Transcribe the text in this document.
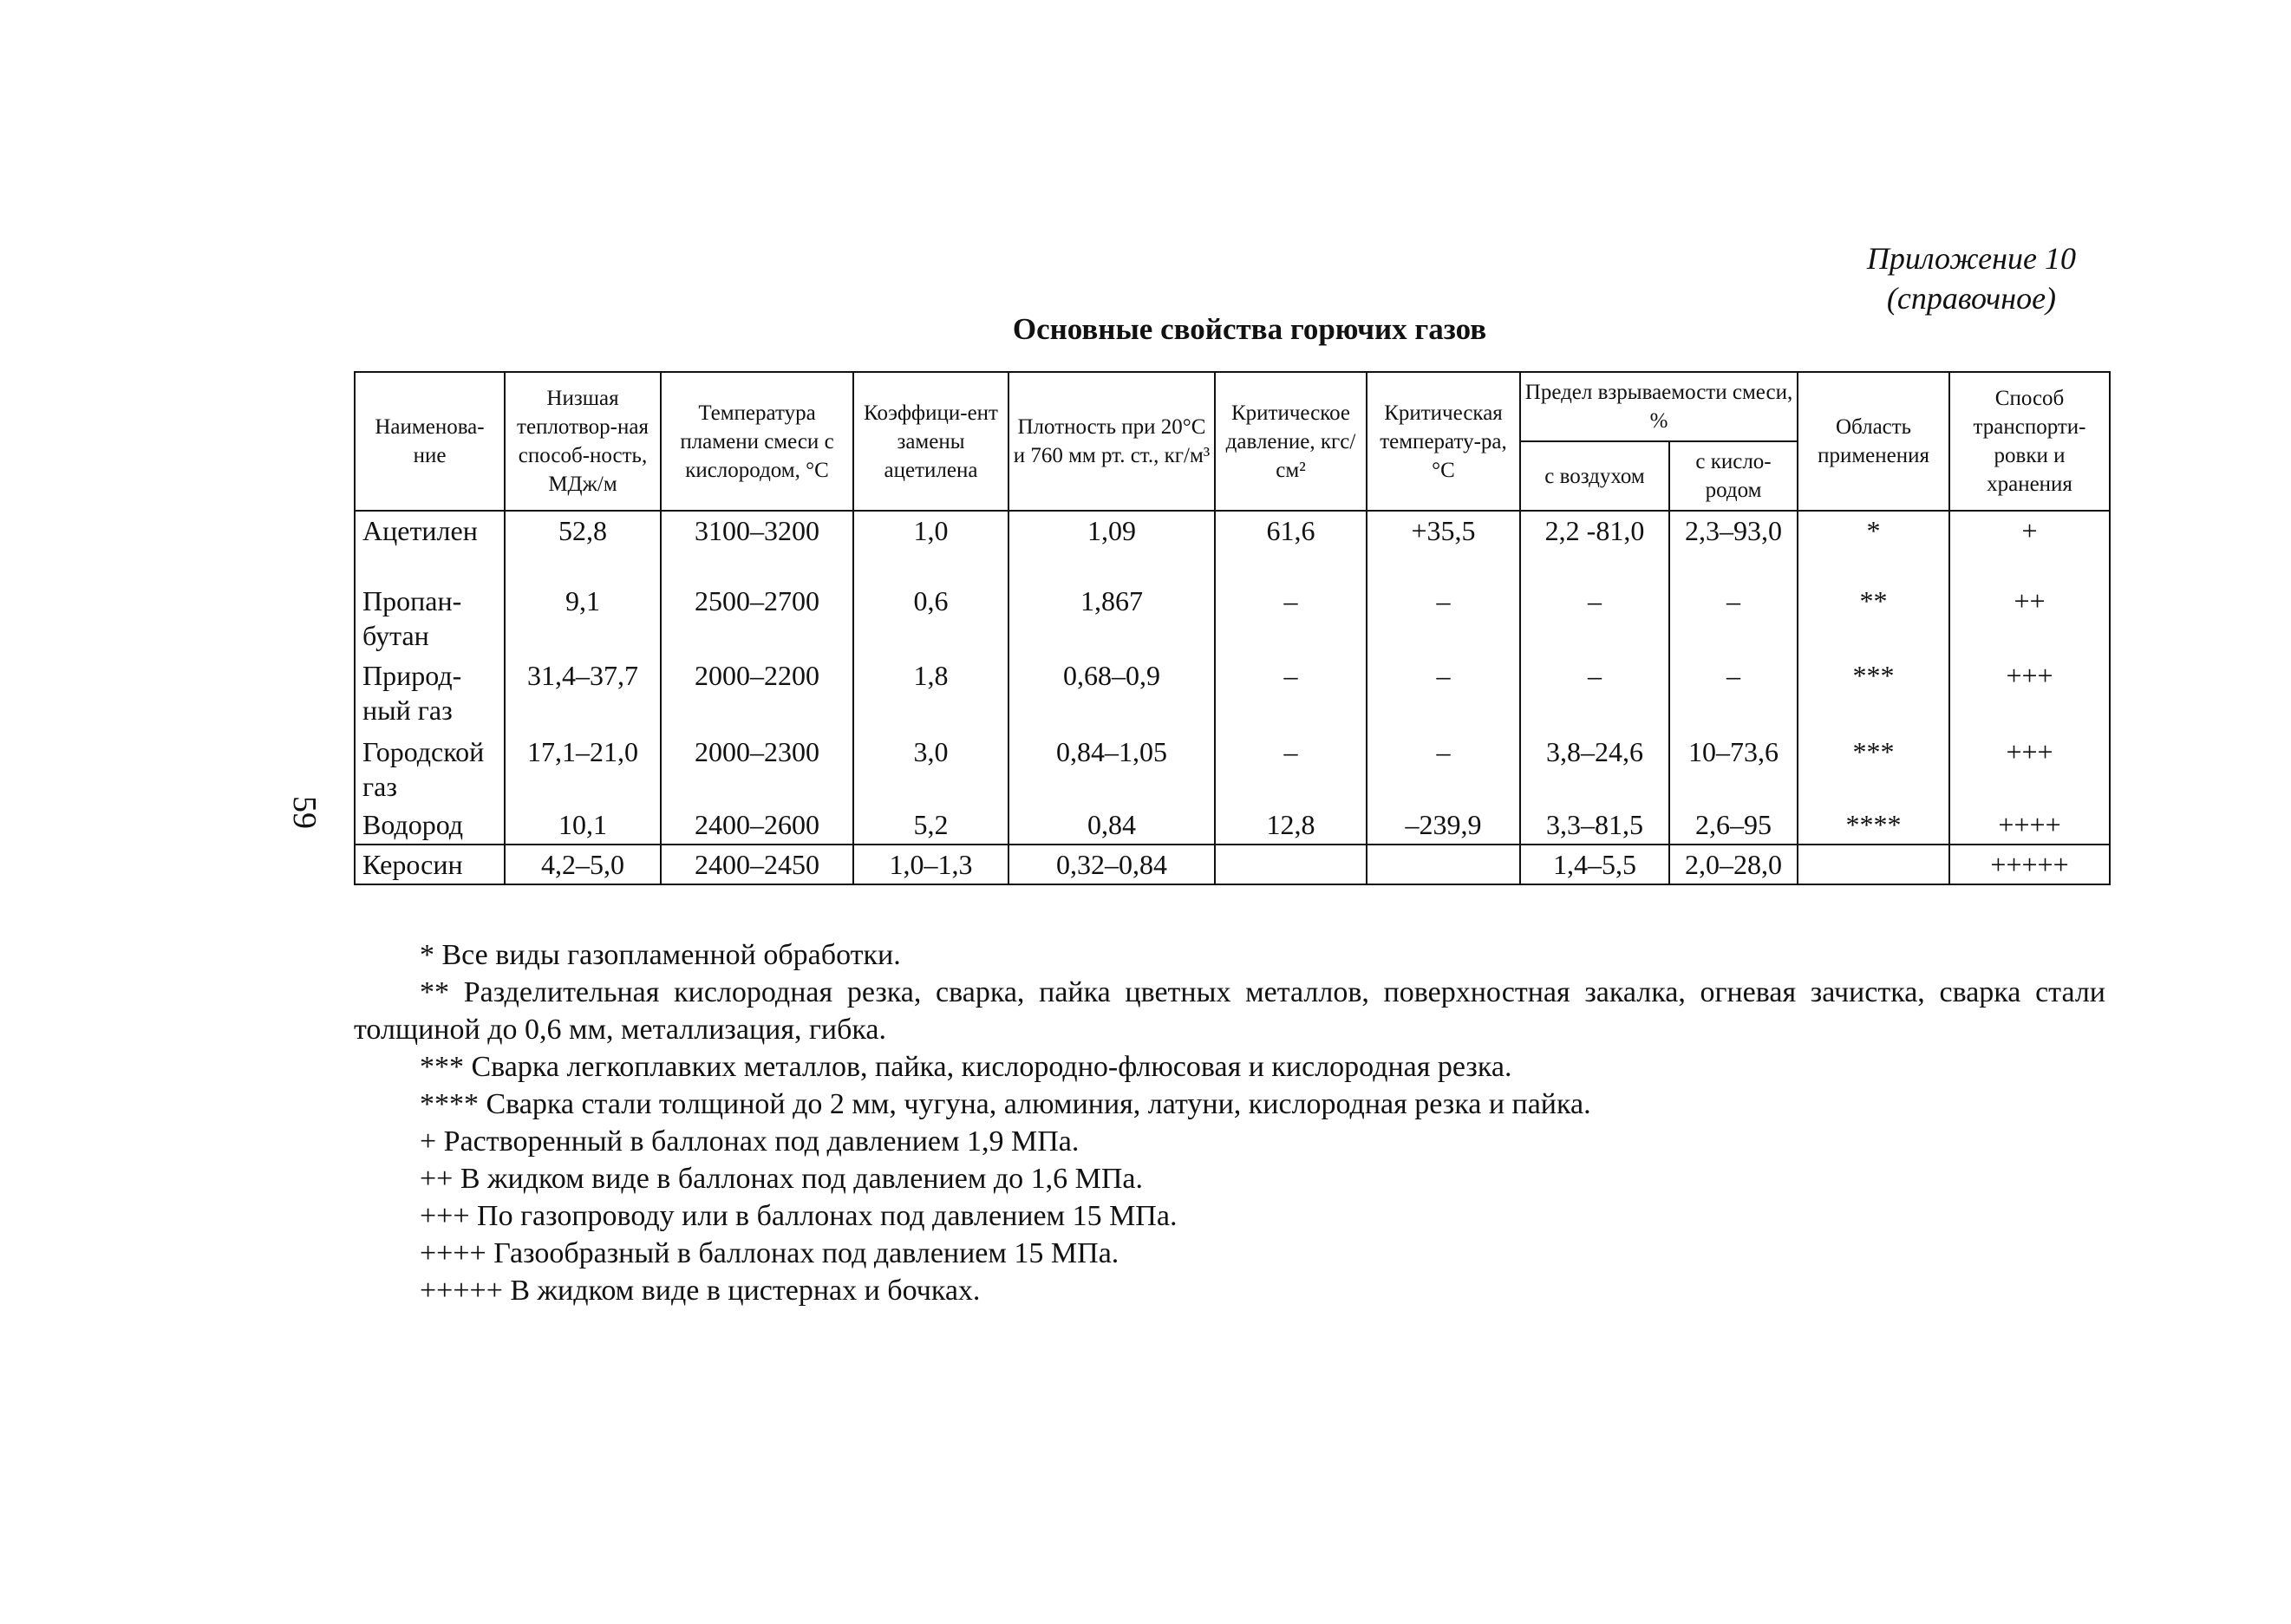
Приложение 10
(справочное)
Основные свойства горючих газов
59
Наименова-ние	Низшая теплотвор-ная способ-ность, МДж/м	Температура пламени смеси с кислородом, °С	Коэффици-ент замены ацетилена	Плотность при 20°С и 760 мм рт. ст., кг/м³	Критическое давление, кгс/см²	Критическая температу-ра, °С	Предел взрываемости смеси, %		Область применения	Способ транспорти-ровки и хранения
							с воздухом	с кисло-родом		
Ацетилен	52,8	3100–3200	1,0	1,09	61,6	+35,5	2,2 -81,0	2,3–93,0	*	+
Пропан-бутан	9,1	2500–2700	0,6	1,867	–	–	–	–	**	++
Природ-ный газ	31,4–37,7	2000–2200	1,8	0,68–0,9	–	–	–	–	***	+++
Городской газ	17,1–21,0	2000–2300	3,0	0,84–1,05	–	–	3,8–24,6	10–73,6	***	+++
Водород	10,1	2400–2600	5,2	0,84	12,8	–239,9	3,3–81,5	2,6–95	****	++++
Керосин	4,2–5,0	2400–2450	1,0–1,3	0,32–0,84			1,4–5,5	2,0–28,0		+++++

* Все виды газопламенной обработки.

** Разделительная кислородная резка, сварка, пайка цветных металлов, поверхностная закалка, огневая зачистка, сварка стали толщиной до 0,6 мм, металлизация, гибка.

*** Сварка легкоплавких металлов, пайка, кислородно-флюсовая и кислородная резка.

**** Сварка стали толщиной до 2 мм, чугуна, алюминия, латуни, кислородная резка и пайка.

+ Растворенный в баллонах под давлением 1,9 МПа.

++ В жидком виде в баллонах под давлением до 1,6 МПа.

+++ По газопроводу или в баллонах под давлением 15 МПа.

++++ Газообразный в баллонах под давлением 15 МПа.

+++++ В жидком виде в цистернах и бочках.
